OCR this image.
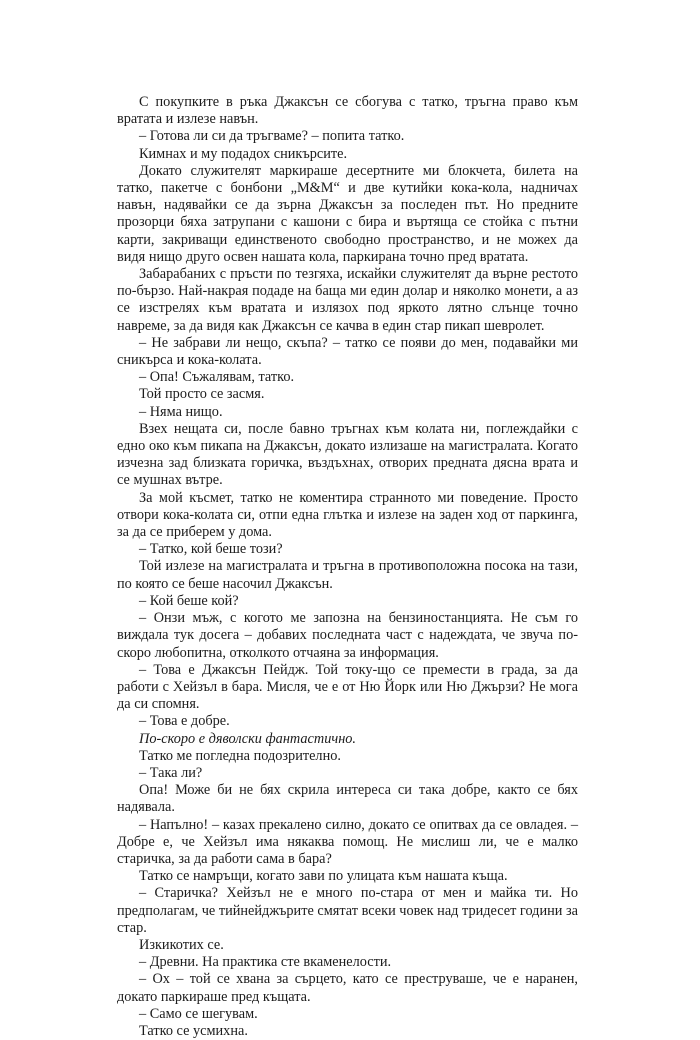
С покупките в ръка Джаксън се сбогува с татко, тръгна право към вратата и излезе навън.

– Готова ли си да тръгваме? – попита татко.

Кимнах и му подадох сникърсите.

Докато служителят маркираше десертните ми блокчета, билета на татко, пакетче с бонбони „M&M“ и две кутийки кока-кола, надничах навън, надявайки се да зърна Джаксън за последен път. Но предните прозорци бяха затрупани с кашони с бира и въртяща се стойка с пътни карти, закриващи единственото свободно пространство, и не можех да видя нищо друго освен нашата кола, паркирана точно пред вратата.

Забарабаних с пръсти по тезгяха, искайки служителят да върне рестото по-бързо. Най-накрая подаде на баща ми един долар и няколко монети, а аз се изстрелях към вратата и излязох под яркото лятно слънце точно навреме, за да видя как Джаксън се качва в един стар пикап шевролет.

– Не забрави ли нещо, скъпа? – татко се появи до мен, подавайки ми сникърса и кока-колата.

– Опа! Съжалявам, татко.

Той просто се засмя.

– Няма нищо.

Взех нещата си, после бавно тръгнах към колата ни, поглеждайки с едно око към пикапа на Джаксън, докато излизаше на магистралата. Когато изчезна зад близката горичка, въздъхнах, отворих предната дясна врата и се мушнах вътре.

За мой късмет, татко не коментира странното ми поведение. Просто отвори кока-колата си, отпи една глътка и излезе на заден ход от паркинга, за да се приберем у дома.

– Татко, кой беше този?

Той излезе на магистралата и тръгна в противоположна посока на тази, по която се беше насочил Джаксън.

– Кой беше кой?

– Онзи мъж, с когото ме запозна на бензиностанцията. Не съм го виждала тук досега – добавих последната част с надеждата, че звуча по-скоро любопитна, отколкото отчаяна за информация.

– Това е Джаксън Пейдж. Той току-що се премести в града, за да работи с Хейзъл в бара. Мисля, че е от Ню Йорк или Ню Джързи? Не мога да си спомня.

– Това е добре.

По-скоро е дяволски фантастично.

Татко ме погледна подозрително.

– Така ли?

Опа! Може би не бях скрила интереса си така добре, както се бях надявала.

– Напълно! – казах прекалено силно, докато се опитвах да се овладея. – Добре е, че Хейзъл има някаква помощ. Не мислиш ли, че е малко старичка, за да работи сама в бара?

Татко се намръщи, когато зави по улицата към нашата къща.

– Старичка? Хейзъл не е много по-стара от мен и майка ти. Но предполагам, че тийнейджърите смятат всеки човек над тридесет години за стар.

Изкикотих се.

– Древни. На практика сте вкаменелости.

– Ох – той се хвана за сърцето, като се преструваше, че е наранен, докато паркираше пред къщата.

– Само се шегувам.

Татко се усмихна.
